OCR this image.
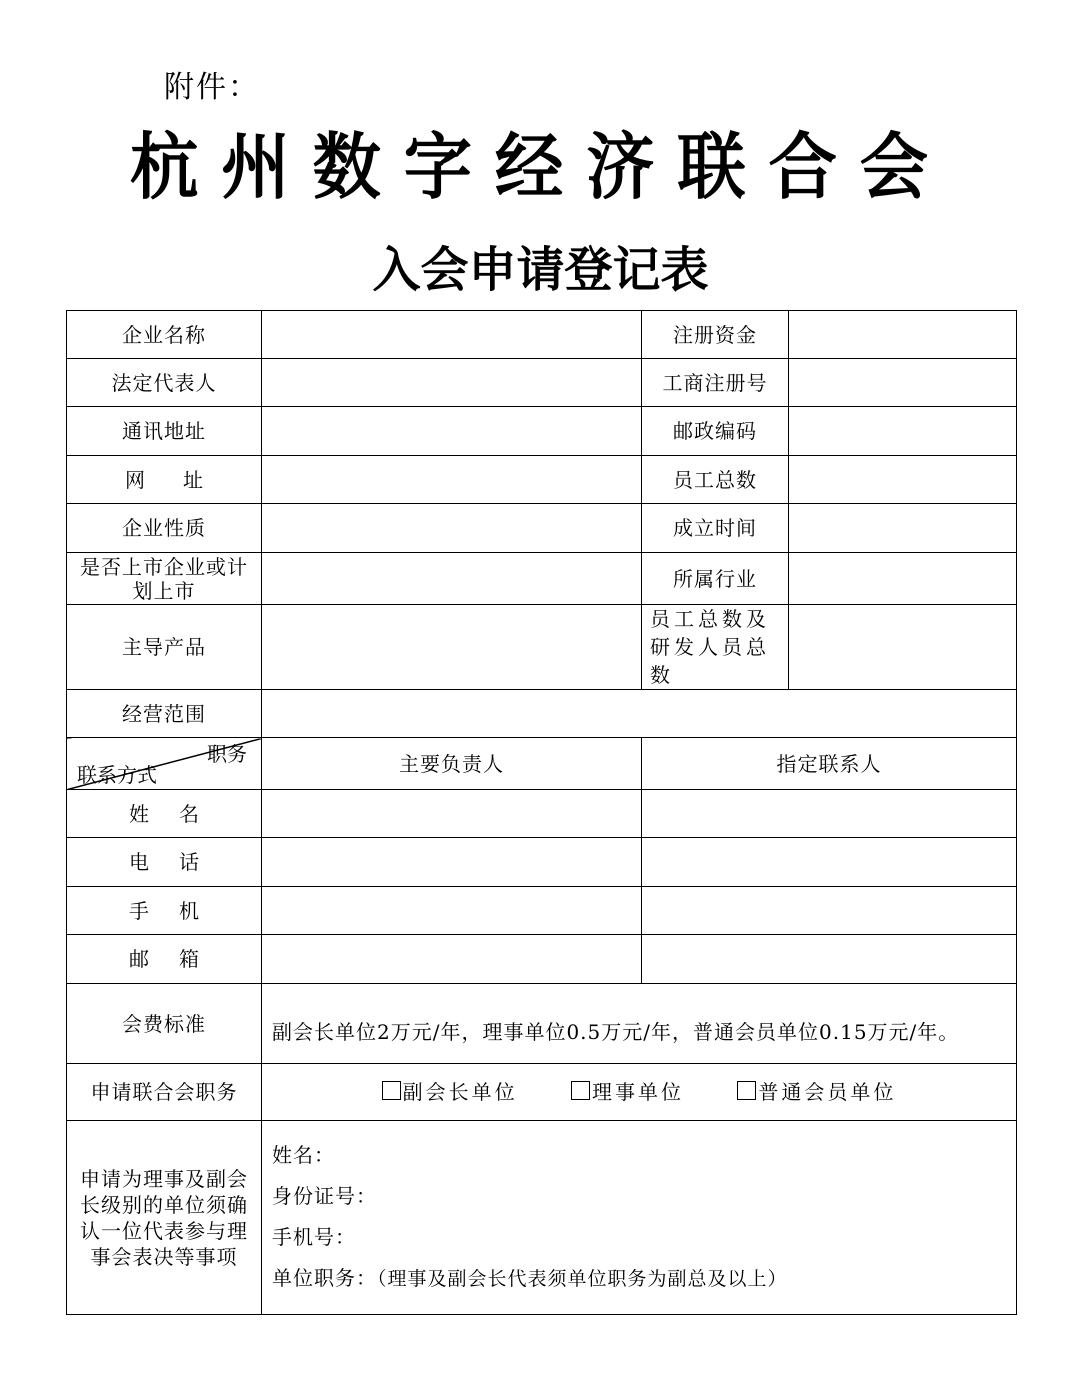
附件：
杭州数字经济联合会
入会申请登记表
企业名称		注册资金	
法定代表人		工商注册号	
通讯地址		邮政编码	
网址		员工总数	
企业性质		成立时间	
是否上市企业或计划上市		所属行业	
主导产品		员工总数及研发人员总数	
经营范围			

职务
联系方式	主要负责人	指定联系人	
姓名			
电话			
手机			
邮箱			
会费标准	副会长单位2万元/年，理事单位0.5万元/年，普通会员单位0.15万元/年。		
申请联合会职务	副会长单位 理事单位 普通会员单位		
申请为理事及副会长级别的单位须确认一位代表参与理事会表决等事项	姓名：
身份证号：
手机号：
单位职务：（理事及副会长代表须单位职务为副总及以上）		
